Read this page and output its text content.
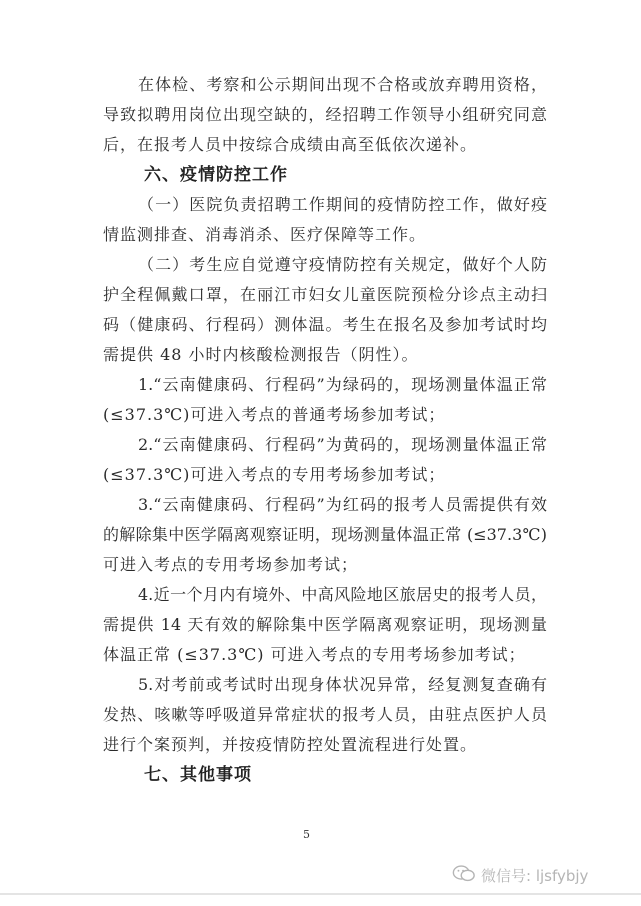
在体检、考察和公示期间出现不合格或放弃聘用资格，
导致拟聘用岗位出现空缺的，经招聘工作领导小组研究同意
后，在报考人员中按综合成绩由高至低依次递补。
六、疫情防控工作
（一）医院负责招聘工作期间的疫情防控工作，做好疫
情监测排查、消毒消杀、医疗保障等工作。
（二）考生应自觉遵守疫情防控有关规定，做好个人防
护全程佩戴口罩，在丽江市妇女儿童医院预检分诊点主动扫
码（健康码、行程码）测体温。考生在报名及参加考试时均
需提供 48 小时内核酸检测报告（阴性）。
1.“云南健康码、行程码”为绿码的，现场测量体温正常
(≤37.3℃)可进入考点的普通考场参加考试；
2.“云南健康码、行程码”为黄码的，现场测量体温正常
(≤37.3℃)可进入考点的专用考场参加考试；
3.“云南健康码、行程码”为红码的报考人员需提供有效
的解除集中医学隔离观察证明，现场测量体温正常 (≤37.3℃)
可进入考点的专用考场参加考试；
4.近一个月内有境外、中高风险地区旅居史的报考人员，
需提供 14 天有效的解除集中医学隔离观察证明，现场测量
体温正常 (≤37.3℃) 可进入考点的专用考场参加考试；
5.对考前或考试时出现身体状况异常，经复测复查确有
发热、咳嗽等呼吸道异常症状的报考人员，由驻点医护人员
进行个案预判，并按疫情防控处置流程进行处置。
七、其他事项
5
微信号: ljsfybjy
